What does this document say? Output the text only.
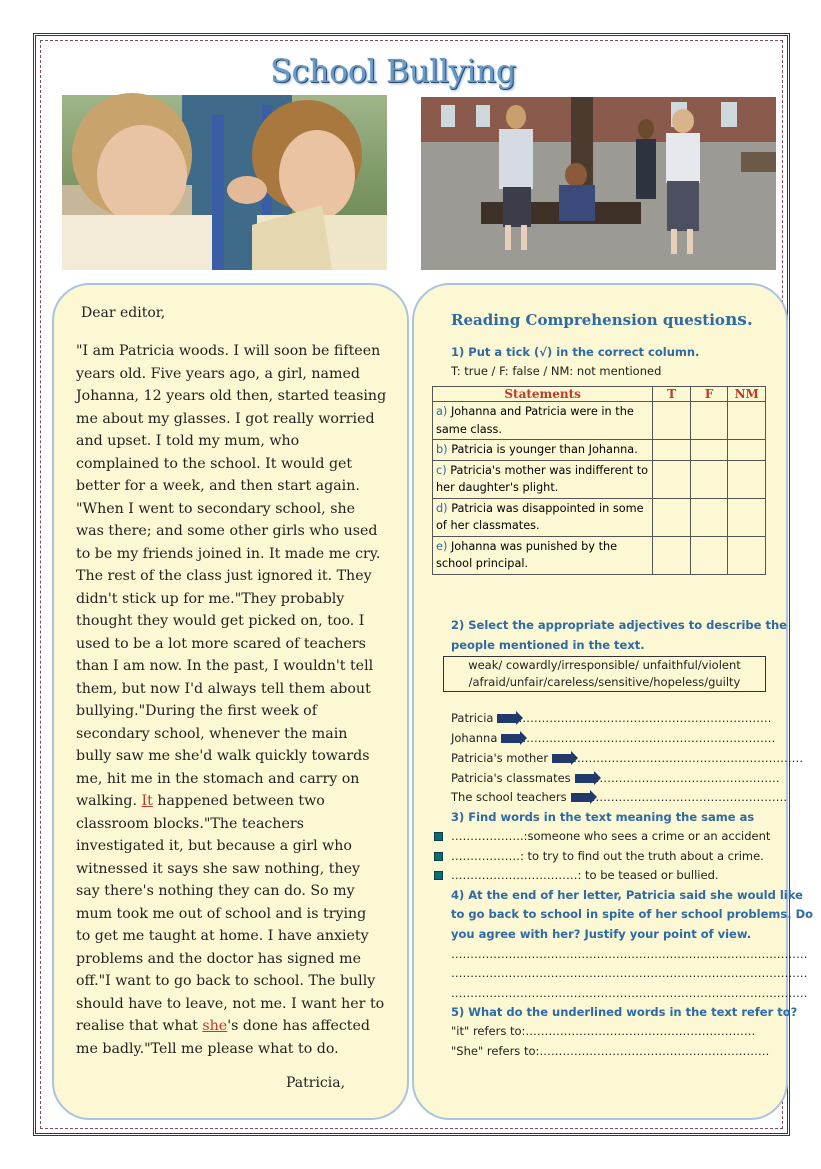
School Bullying
Dear editor,
"I am Patricia woods. I will soon be fifteen
years old. Five years ago, a girl, named
Johanna, 12 years old then, started teasing
me about my glasses. I got really worried
and upset. I told my mum, who
complained to the school. It would get
better for a week, and then start again.
"When I went to secondary school, she
was there; and some other girls who used
to be my friends joined in. It made me cry.
The rest of the class just ignored it. They
didn't stick up for me."They probably
thought they would get picked on, too. I
used to be a lot more scared of teachers
than I am now. In the past, I wouldn't tell
them, but now I'd always tell them about
bullying."During the first week of
secondary school, whenever the main
bully saw me she'd walk quickly towards
me, hit me in the stomach and carry on
walking. It happened between two
classroom blocks."The teachers
investigated it, but because a girl who
witnessed it says she saw nothing, they
say there's nothing they can do. So my
mum took me out of school and is trying
to get me taught at home. I have anxiety
problems and the doctor has signed me
off."I want to go back to school. The bully
should have to leave, not me. I want her to
realise that what she's done has affected
me badly."Tell me please what to do.
Patricia,
Reading Comprehension questions.
1) Put a tick (√) in the correct column.
T: true / F: false / NM: not mentioned
Statements	T	F	NM
a) Johanna and Patricia were in the same class.			
b) Patricia is younger than Johanna.			
c) Patricia's mother was indifferent to her daughter's plight.			
d) Patricia was disappointed in some of her classmates.			
e) Johanna was punished by the school principal.			
2) Select the appropriate adjectives to describe the
people mentioned in the text.
weak/ cowardly/irresponsible/ unfaithful/violent
/afraid/unfair/careless/sensitive/hopeless/guilty
Patricia …………………………………………………………
Johanna …………………………………………………………
Patricia's mother ……………………………………………………
Patricia's classmates …………………………………………
The school teachers ……………………………………………
3) Find words in the text meaning the same as
……………….:someone who sees a crime or an accident
………………: to try to find out the truth about a crime.
……………………………: to be teased or bullied.
4) At the end of her letter, Patricia said she would like
to go back to school in spite of her school problems. Do
you agree with her? Justify your point of view.
…………………………………………………………………………………
…………………………………………………………………………………
…………………………………………………………………………………
5) What do the underlined words in the text refer to?
"it" refers to:……………………………………………………
"She" refers to:……………………………………………………
